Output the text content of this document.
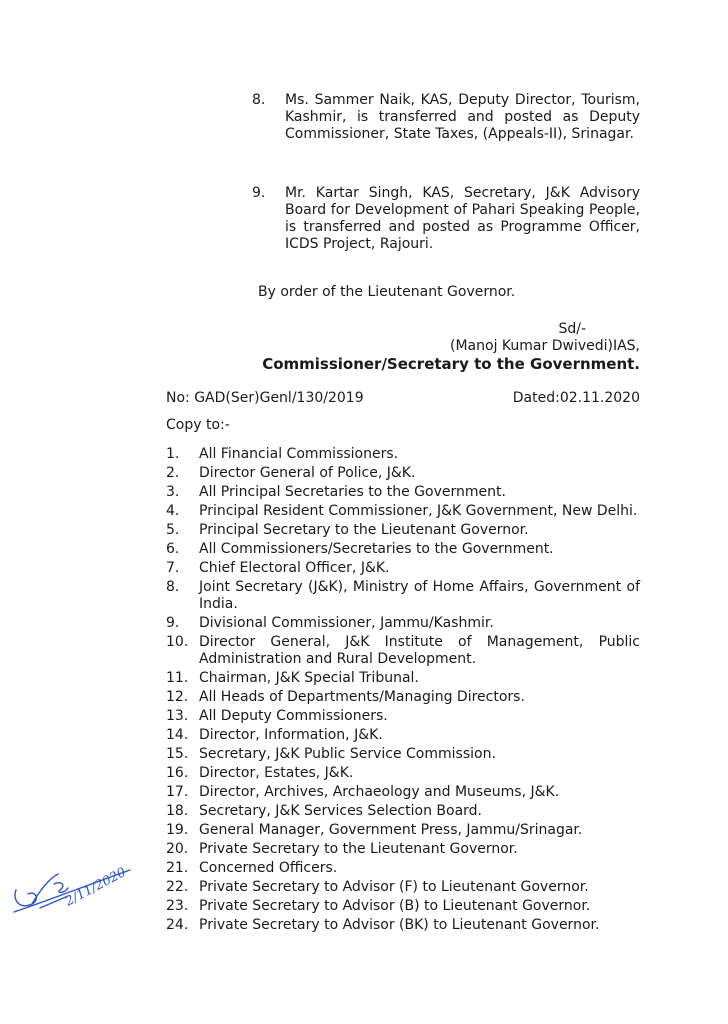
8. Ms. Sammer Naik, KAS, Deputy Director, Tourism, Kashmir, is transferred and posted as Deputy Commissioner, State Taxes, (Appeals-II), Srinagar.
9. Mr. Kartar Singh, KAS, Secretary, J&K Advisory Board for Development of Pahari Speaking People, is transferred and posted as Programme Officer, ICDS Project, Rajouri.
By order of the Lieutenant Governor.
Sd/-
(Manoj Kumar Dwivedi)IAS,
Commissioner/Secretary to the Government.
No: GAD(Ser)Genl/130/2019	Dated:02.11.2020
Copy to:-
1. All Financial Commissioners.
2. Director General of Police, J&K.
3. All Principal Secretaries to the Government.
4. Principal Resident Commissioner, J&K Government, New Delhi.
5. Principal Secretary to the Lieutenant Governor.
6. All Commissioners/Secretaries to the Government.
7. Chief Electoral Officer, J&K.
8. Joint Secretary (J&K), Ministry of Home Affairs, Government of India.
9. Divisional Commissioner, Jammu/Kashmir.
10. Director General, J&K Institute of Management, Public Administration and Rural Development.
11. Chairman, J&K Special Tribunal.
12. All Heads of Departments/Managing Directors.
13. All Deputy Commissioners.
14. Director, Information, J&K.
15. Secretary, J&K Public Service Commission.
16. Director, Estates, J&K.
17. Director, Archives, Archaeology and Museums, J&K.
18. Secretary, J&K Services Selection Board.
19. General Manager, Government Press, Jammu/Srinagar.
20. Private Secretary to the Lieutenant Governor.
21. Concerned Officers.
22. Private Secretary to Advisor (F) to Lieutenant Governor.
23. Private Secretary to Advisor (B) to Lieutenant Governor.
24. Private Secretary to Advisor (BK) to Lieutenant Governor.
2/11/2020
